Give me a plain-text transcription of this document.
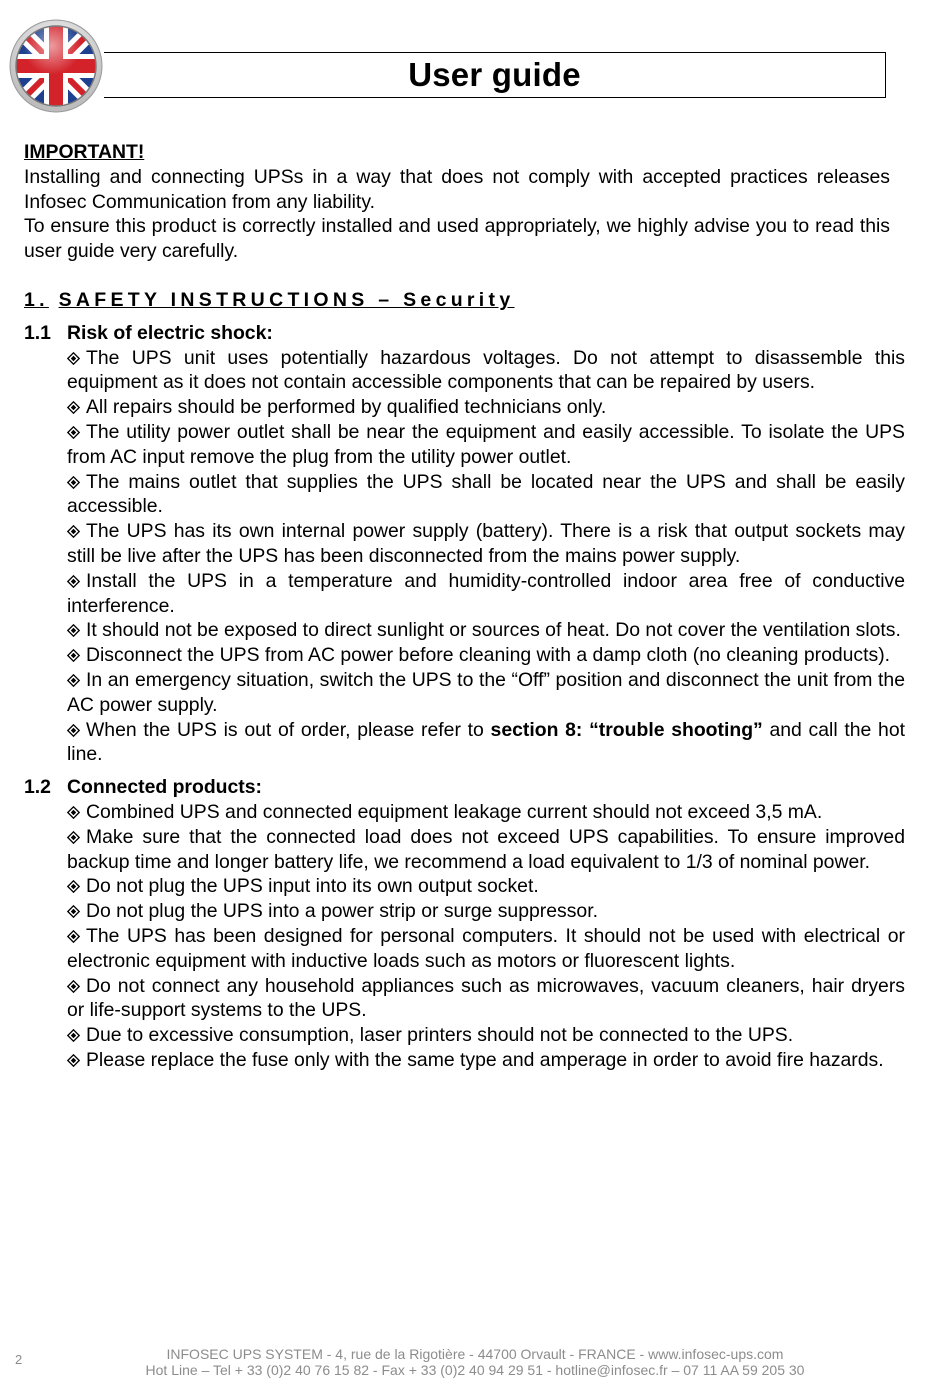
User guide

IMPORTANT!

Installing and connecting UPSs in a way that does not comply with accepted practices releases Infosec Communication from any liability.

To ensure this product is correctly installed and used appropriately, we highly advise you to read this user guide very carefully.

1. SAFETY INSTRUCTIONS – Security
1.1 Risk of electric shock:
The UPS unit uses potentially hazardous voltages. Do not attempt to disassemble this equipment as it does not contain accessible components that can be repaired by users.
All repairs should be performed by qualified technicians only.
The utility power outlet shall be near the equipment and easily accessible. To isolate the UPS from AC input remove the plug from the utility power outlet.
The mains outlet that supplies the UPS shall be located near the UPS and shall be easily accessible.
The UPS has its own internal power supply (battery). There is a risk that output sockets may still be live after the UPS has been disconnected from the mains power supply.
Install the UPS in a temperature and humidity-controlled indoor area free of conductive interference.
It should not be exposed to direct sunlight or sources of heat. Do not cover the ventilation slots.
Disconnect the UPS from AC power before cleaning with a damp cloth (no cleaning products).
In an emergency situation, switch the UPS to the “Off” position and disconnect the unit from the AC power supply.
When the UPS is out of order, please refer to section 8: “trouble shooting” and call the hot line.
1.2 Connected products:
Combined UPS and connected equipment leakage current should not exceed 3,5 mA.
Make sure that the connected load does not exceed UPS capabilities. To ensure improved backup time and longer battery life, we recommend a load equivalent to 1/3 of nominal power.
Do not plug the UPS input into its own output socket.
Do not plug the UPS into a power strip or surge suppressor.
The UPS has been designed for personal computers. It should not be used with electrical or electronic equipment with inductive loads such as motors or fluorescent lights.
Do not connect any household appliances such as microwaves, vacuum cleaners, hair dryers or life-support systems to the UPS.
Due to excessive consumption, laser printers should not be connected to the UPS.
Please replace the fuse only with the same type and amperage in order to avoid fire hazards.
2	INFOSEC UPS SYSTEM - 4, rue de la Rigotière - 44700 Orvault - FRANCE - www.infosec-ups.com
Hot Line – Tel + 33 (0)2 40 76 15 82 - Fax + 33 (0)2 40 94 29 51 - hotline@infosec.fr – 07 11 AA 59 205 30
